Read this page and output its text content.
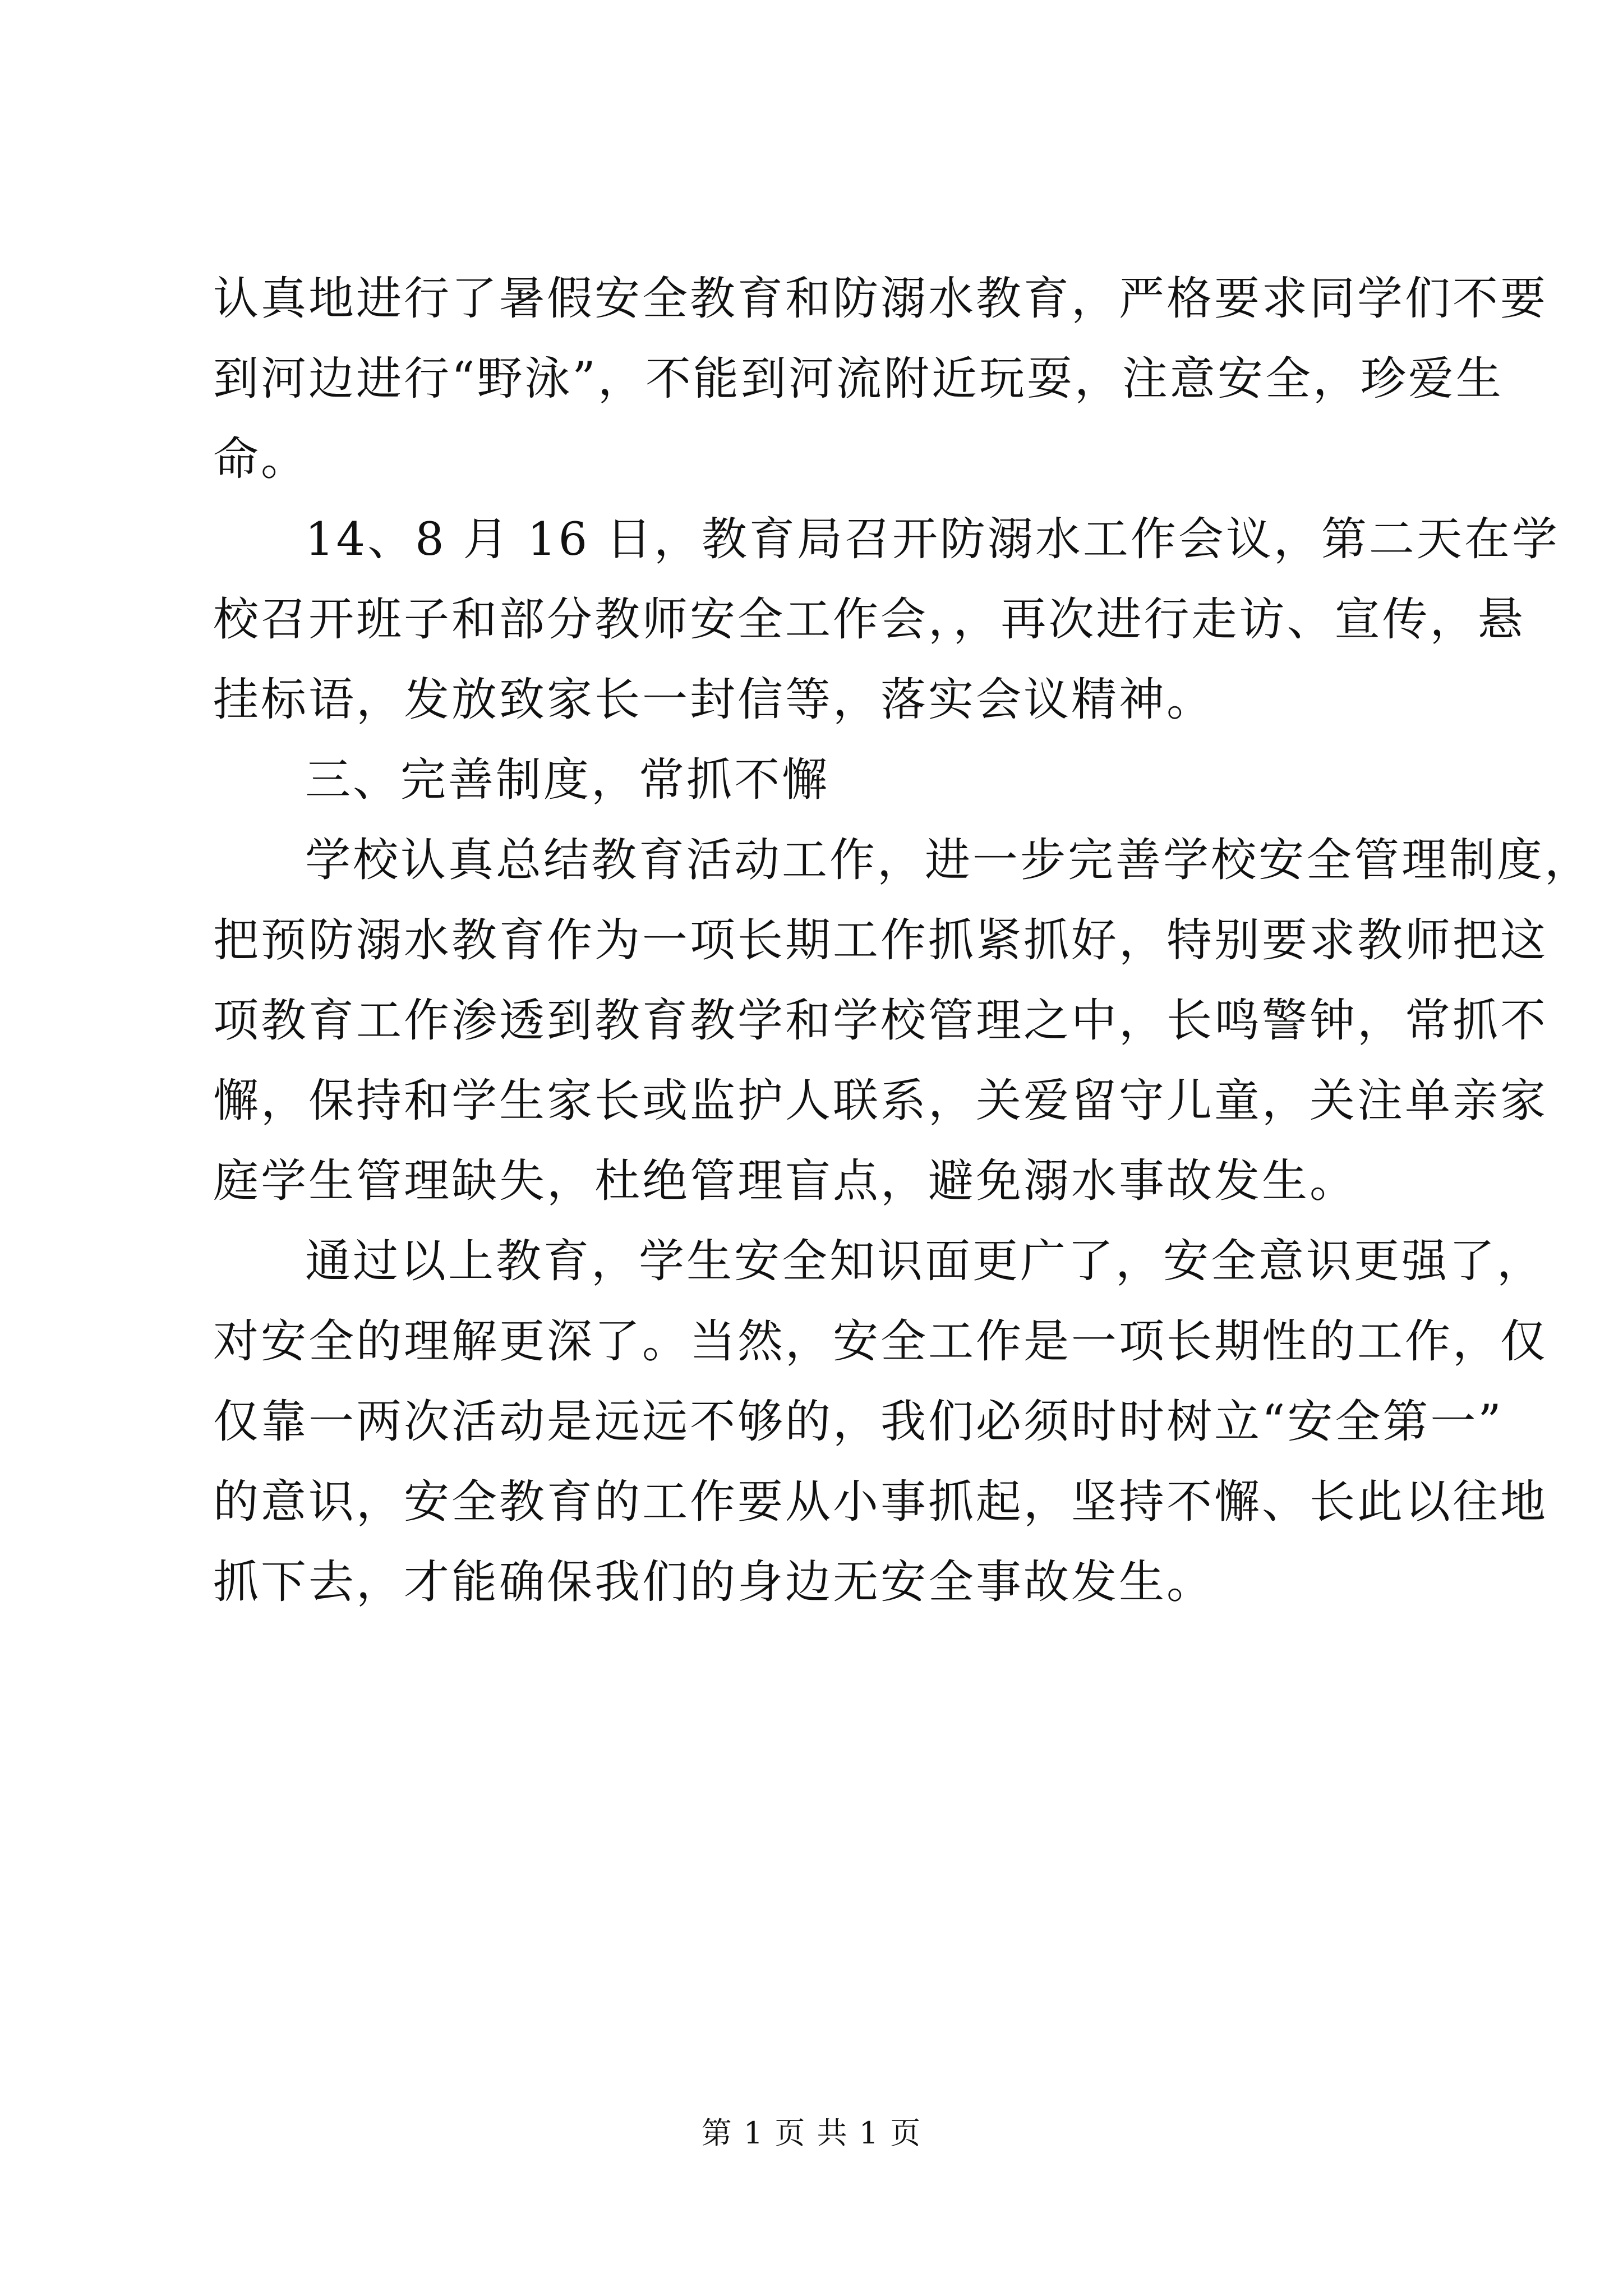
认真地进行了暑假安全教育和防溺水教育，严格要求同学们不要
到河边进行“野泳”，不能到河流附近玩耍，注意安全，珍爱生
命。
14、8 月 16 日，教育局召开防溺水工作会议，第二天在学
校召开班子和部分教师安全工作会，，再次进行走访、宣传，悬
挂标语，发放致家长一封信等，落实会议精神。
三、完善制度，常抓不懈
学校认真总结教育活动工作，进一步完善学校安全管理制度，
把预防溺水教育作为一项长期工作抓紧抓好，特别要求教师把这
项教育工作渗透到教育教学和学校管理之中，长鸣警钟，常抓不
懈，保持和学生家长或监护人联系，关爱留守儿童，关注单亲家
庭学生管理缺失，杜绝管理盲点，避免溺水事故发生。
通过以上教育，学生安全知识面更广了，安全意识更强了，
对安全的理解更深了。当然，安全工作是一项长期性的工作，仅
仅靠一两次活动是远远不够的，我们必须时时树立“安全第一”
的意识，安全教育的工作要从小事抓起，坚持不懈、长此以往地
抓下去，才能确保我们的身边无安全事故发生。
第 1 页 共 1 页
